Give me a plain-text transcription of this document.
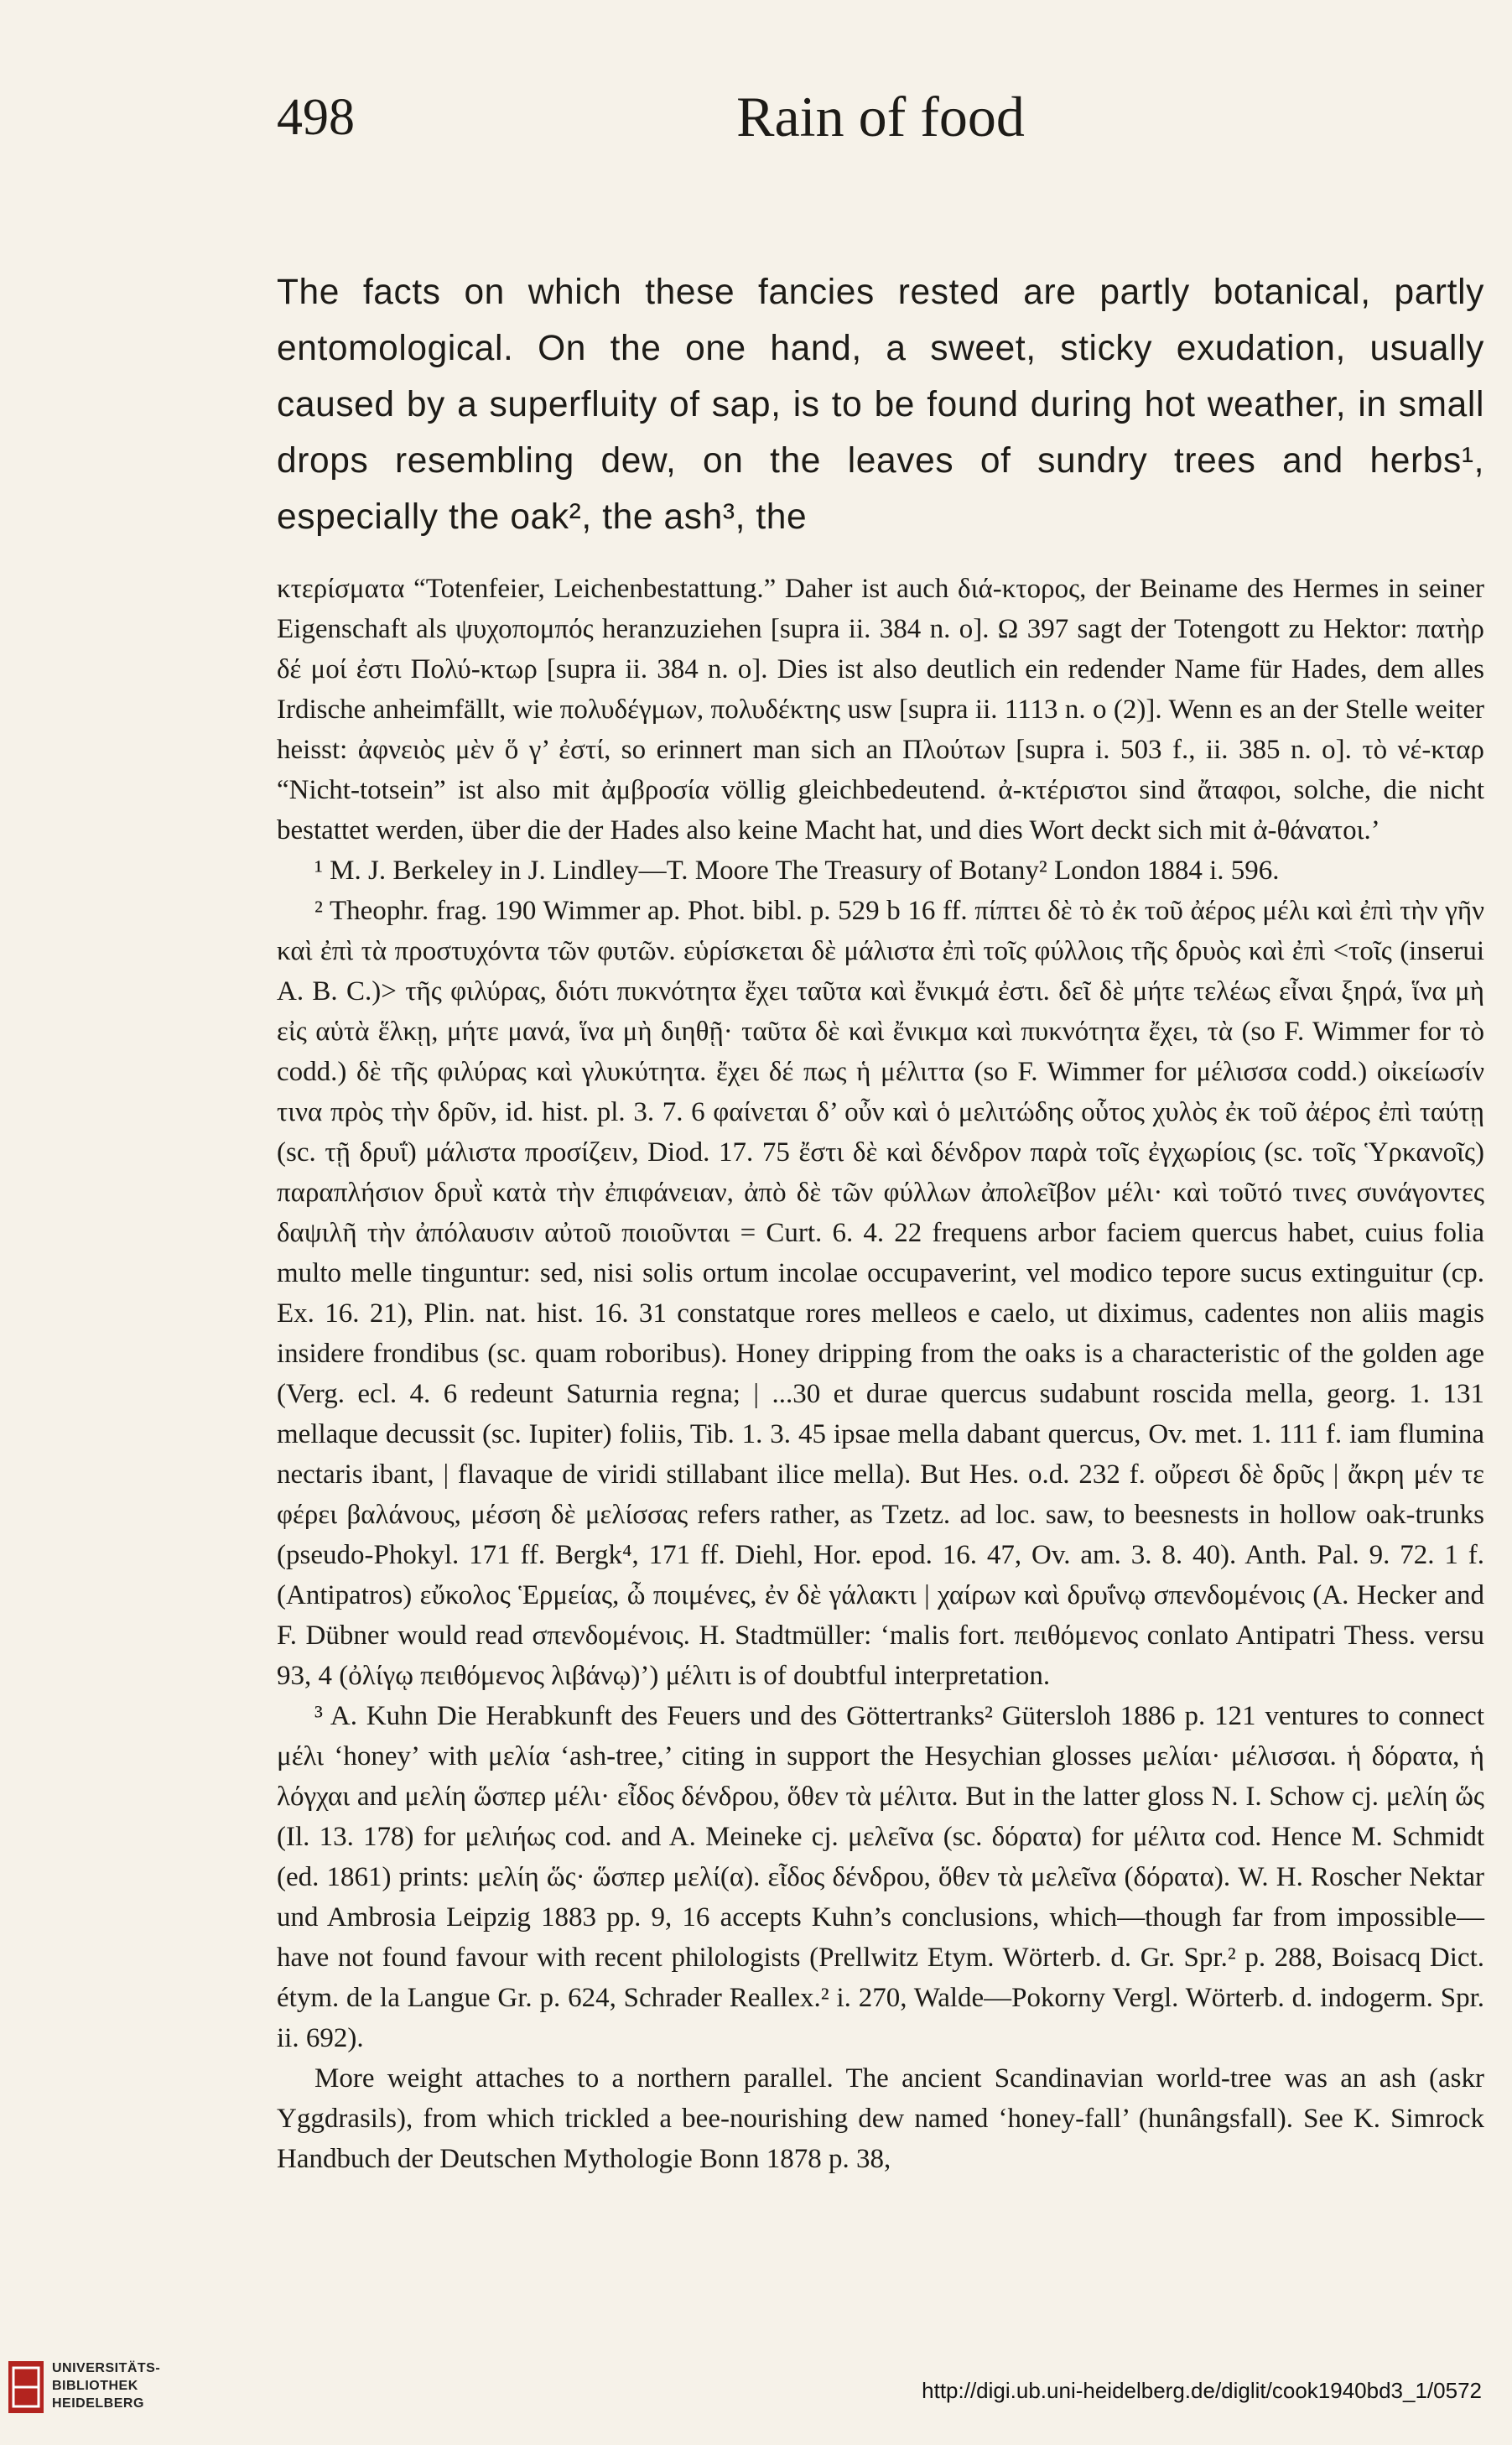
498	Rain of food
The facts on which these fancies rested are partly botanical, partly entomological. On the one hand, a sweet, sticky exudation, usually caused by a superfluity of sap, is to be found during hot weather, in small drops resembling dew, on the leaves of sundry trees and herbs¹, especially the oak², the ash³, the

κτερίσματα “Totenfeier, Leichenbestattung.” Daher ist auch διά-κτορος, der Beiname des Hermes in seiner Eigenschaft als ψυχοπομπός heranzuziehen [supra ii. 384 n. o]. Ω 397 sagt der Totengott zu Hektor: πατὴρ δέ μοί ἐστι Πολύ-κτωρ [supra ii. 384 n. o]. Dies ist also deutlich ein redender Name für Hades, dem alles Irdische anheimfällt, wie πολυδέγμων, πολυδέκτης usw [supra ii. 1113 n. o (2)]. Wenn es an der Stelle weiter heisst: ἀφνειὸς μὲν ὅ γ’ ἐστί, so erinnert man sich an Πλούτων [supra i. 503 f., ii. 385 n. o]. τὸ νέ-κταρ “Nicht-totsein” ist also mit ἀμβροσία völlig gleichbedeutend. ἀ-κτέριστοι sind ἄταφοι, solche, die nicht bestattet werden, über die der Hades also keine Macht hat, und dies Wort deckt sich mit ἀ-θάνατοι.’

¹ M. J. Berkeley in J. Lindley—T. Moore The Treasury of Botany² London 1884 i. 596.

² Theophr. frag. 190 Wimmer ap. Phot. bibl. p. 529 b 16 ff. πίπτει δὲ τὸ ἐκ τοῦ ἀέρος μέλι καὶ ἐπὶ τὴν γῆν καὶ ἐπὶ τὰ προστυχόντα τῶν φυτῶν. εὑρίσκεται δὲ μάλιστα ἐπὶ τοῖς φύλλοις τῆς δρυὸς καὶ ἐπὶ <τοῖς (inserui A. B. C.)> τῆς φιλύρας, διότι πυκνότητα ἔχει ταῦτα καὶ ἔνικμά ἐστι. δεῖ δὲ μήτε τελέως εἶναι ξηρά, ἵνα μὴ εἰς αὑτὰ ἕλκῃ, μήτε μανά, ἵνα μὴ διηθῇ· ταῦτα δὲ καὶ ἔνικμα καὶ πυκνότητα ἔχει, τὰ (so F. Wimmer for τὸ codd.) δὲ τῆς φιλύρας καὶ γλυκύτητα. ἔχει δέ πως ἡ μέλιττα (so F. Wimmer for μέλισσα codd.) οἰκείωσίν τινα πρὸς τὴν δρῦν, id. hist. pl. 3. 7. 6 φαίνεται δ’ οὖν καὶ ὁ μελιτώδης οὗτος χυλὸς ἐκ τοῦ ἀέρος ἐπὶ ταύτῃ (sc. τῇ δρυΐ) μάλιστα προσίζειν, Diod. 17. 75 ἔστι δὲ καὶ δένδρον παρὰ τοῖς ἐγχωρίοις (sc. τοῖς Ὑρκανοῖς) παραπλήσιον δρυῒ κατὰ τὴν ἐπιφάνειαν, ἀπὸ δὲ τῶν φύλλων ἀπολεῖβον μέλι· καὶ τοῦτό τινες συνάγοντες δαψιλῆ τὴν ἀπόλαυσιν αὐτοῦ ποιοῦνται = Curt. 6. 4. 22 frequens arbor faciem quercus habet, cuius folia multo melle tinguntur: sed, nisi solis ortum incolae occupaverint, vel modico tepore sucus extinguitur (cp. Ex. 16. 21), Plin. nat. hist. 16. 31 constatque rores melleos e caelo, ut diximus, cadentes non aliis magis insidere frondibus (sc. quam roboribus). Honey dripping from the oaks is a characteristic of the golden age (Verg. ecl. 4. 6 redeunt Saturnia regna; | ...30 et durae quercus sudabunt roscida mella, georg. 1. 131 mellaque decussit (sc. Iupiter) foliis, Tib. 1. 3. 45 ipsae mella dabant quercus, Ov. met. 1. 111 f. iam flumina nectaris ibant, | flavaque de viridi stillabant ilice mella). But Hes. o.d. 232 f. οὔρεσι δὲ δρῦς | ἄκρη μέν τε φέρει βαλάνους, μέσση δὲ μελίσσας refers rather, as Tzetz. ad loc. saw, to beesnests in hollow oak-trunks (pseudo-Phokyl. 171 ff. Bergk⁴, 171 ff. Diehl, Hor. epod. 16. 47, Ov. am. 3. 8. 40). Anth. Pal. 9. 72. 1 f. (Antipatros) εὔκολος Ἑρμείας, ὦ ποιμένες, ἐν δὲ γάλακτι | χαίρων καὶ δρυΐνῳ σπενδομένοις (A. Hecker and F. Dübner would read σπενδομένοις. H. Stadtmüller: ‘malis fort. πειθόμενος conlato Antipatri Thess. versu 93, 4 (ὀλίγῳ πειθόμενος λιβάνῳ)’) μέλιτι is of doubtful interpretation.

³ A. Kuhn Die Herabkunft des Feuers und des Göttertranks² Gütersloh 1886 p. 121 ventures to connect μέλι ‘honey’ with μελία ‘ash-tree,’ citing in support the Hesychian glosses μελίαι· μέλισσαι. ἡ δόρατα, ἡ λόγχαι and μελίη ὥσπερ μέλι· εἶδος δένδρου, ὅθεν τὰ μέλιτα. But in the latter gloss N. I. Schow cj. μελίη ὥς (Il. 13. 178) for μελιήως cod. and A. Meineke cj. μελεῖνα (sc. δόρατα) for μέλιτα cod. Hence M. Schmidt (ed. 1861) prints: μελίη ὥς· ὥσπερ μελί(α). εἶδος δένδρου, ὅθεν τὰ μελεῖνα (δόρατα). W. H. Roscher Nektar und Ambrosia Leipzig 1883 pp. 9, 16 accepts Kuhn’s conclusions, which—though far from impossible—have not found favour with recent philologists (Prellwitz Etym. Wörterb. d. Gr. Spr.² p. 288, Boisacq Dict. étym. de la Langue Gr. p. 624, Schrader Reallex.² i. 270, Walde—Pokorny Vergl. Wörterb. d. indogerm. Spr. ii. 692).

More weight attaches to a northern parallel. The ancient Scandinavian world-tree was an ash (askr Yggdrasils), from which trickled a bee-nourishing dew named ‘honey-fall’ (hunângsfall). See K. Simrock Handbuch der Deutschen Mythologie Bonn 1878 p. 38,

UNIVERSITÄTS-
BIBLIOTHEK
HEIDELBERG
http://digi.ub.uni-heidelberg.de/diglit/cook1940bd3_1/0572
